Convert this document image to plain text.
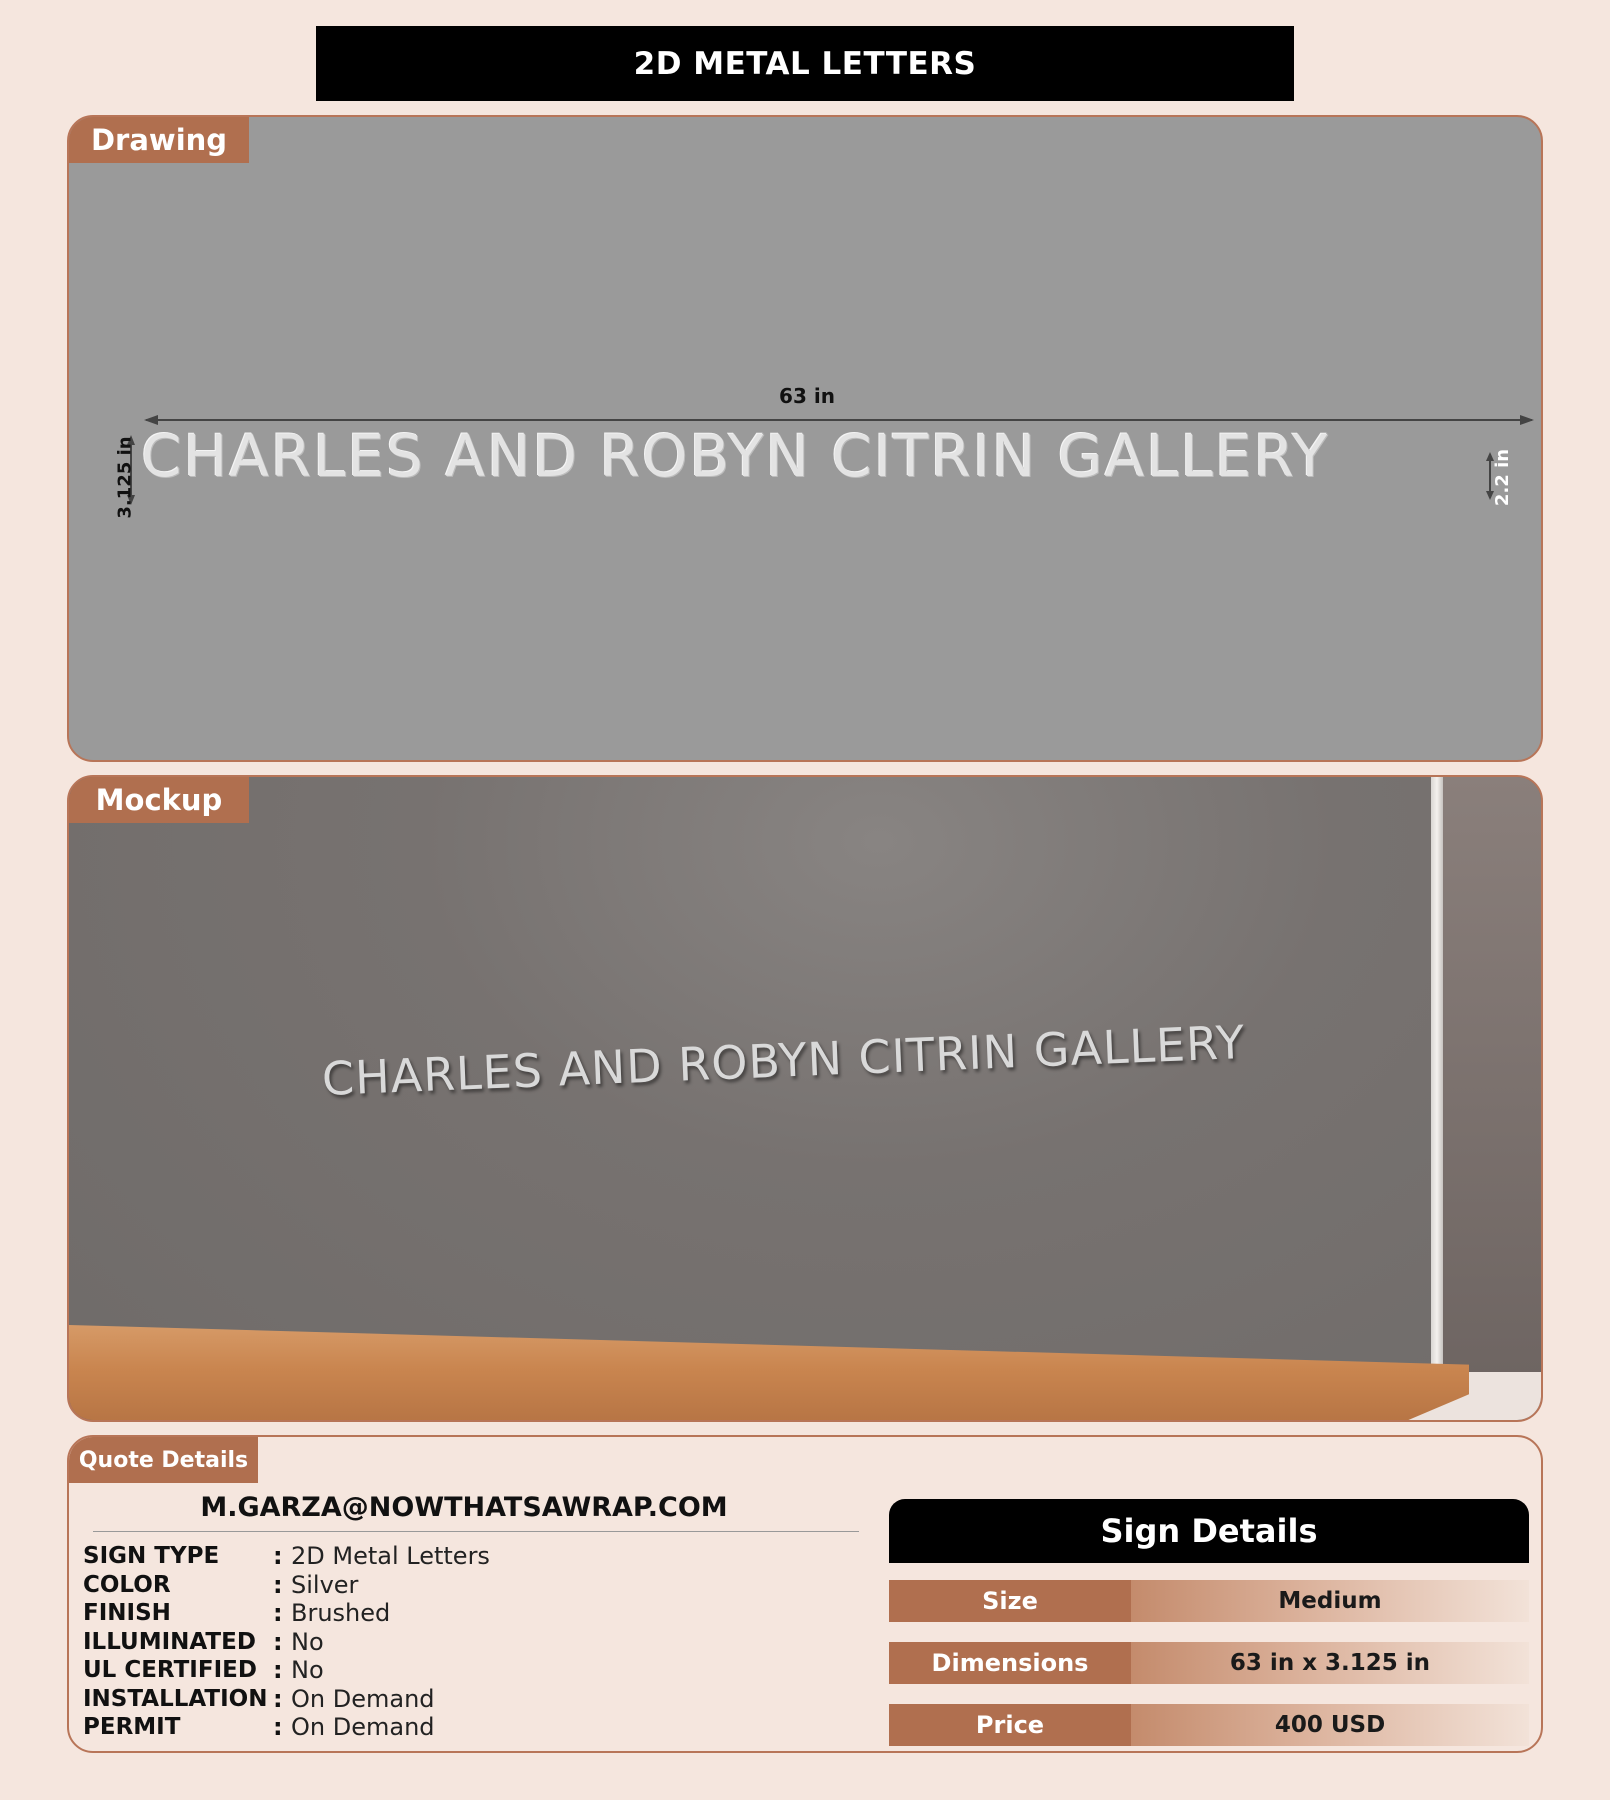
2D METAL LETTERS
Drawing
63 in
3.125 in CHARLES AND ROBYN CITRIN GALLERY	2.2 in
Mockup
CHARLES AND ROBYN CITRIN GALLERY
Quote Details
M.GARZA@NOWTHATSAWRAP.COM
SIGN TYPE	: 2D Metal Letters
COLOR	: Silver
FINISH	: Brushed
ILLUMINATED : No
UL CERTIFIED : No
INSTALLATION : On Demand
PERMIT	: On Demand
Sign Details
Size	Medium
Dimensions	63 in x 3.125 in
Price	400 USD
